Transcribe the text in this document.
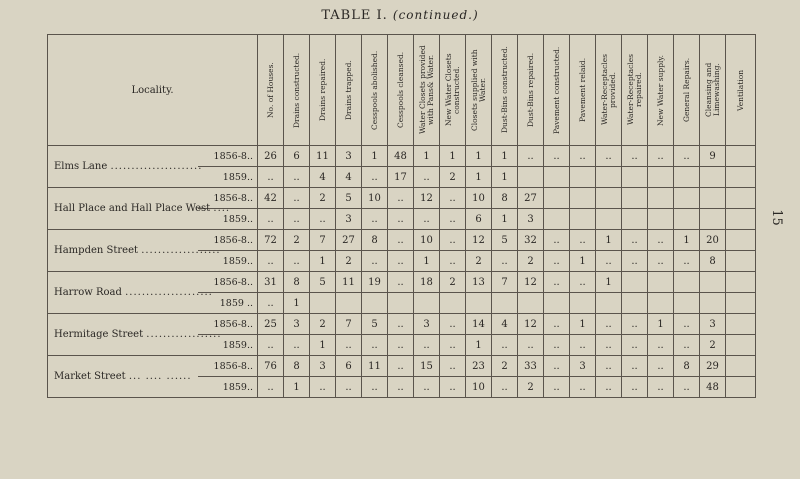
TABLE I. (continued.)
15
Locality.		No. of Houses.	Drains constructed.	Drains repaired.	Drains trapped.	Cesspools abolished.	Cesspools cleansed.	Water Closets provided with Pans& Water.	New Water Closets constructed.	Closets supplied with Water.	Dust-Bins constructed.	Dust-Bins repaired.	Pavement constructed.	Pavement relaid.	Water-Receptacles provided.	Water-Receptacles repaired.	New Water supply.	General Repairs.	Cleansing and Limewashing.	Ventilation

Elms Lane ......................	1856-8..	26	6	11	3	1	48	1	1	1	1	..	..	..	..	..	..	..	9	
	1859..	..	..	4	4	..	17	..	2	1	1									
Hall Place and Hall Place West ....	1856-8..	42	..	2	5	10	..	12	..	10	8	27								
	1859..	..	..	..	3	..	..	..	..	6	1	3								
Hampden Street ...................	1856-8..	72	2	7	27	8	..	10	..	12	5	32	..	..	1	..	..	1	20	
	1859..	..	..	1	2	..	..	1	..	2	..	2	..	1	..	..	..	..	8	
Harrow Road .....................	1856-8..	31	8	5	11	19	..	18	2	13	7	12	..	..	1					
	1859 ..	..	1																	
Hermitage Street ..................	1856-8..	25	3	2	7	5	..	3	..	14	4	12	..	1	..	..	1	..	3	
	1859..	..	..	1	..	..	..	..	..	1	..	..	..	..	..	..	..	..	2	
Market Street ... .... ......	1856-8..	76	8	3	6	11	..	15	..	23	2	33	..	3	..	..	..	8	29	
	1859..	..	1	..	..	..	..	..	..	10	..	2	..	..	..	..	..	..	48	
